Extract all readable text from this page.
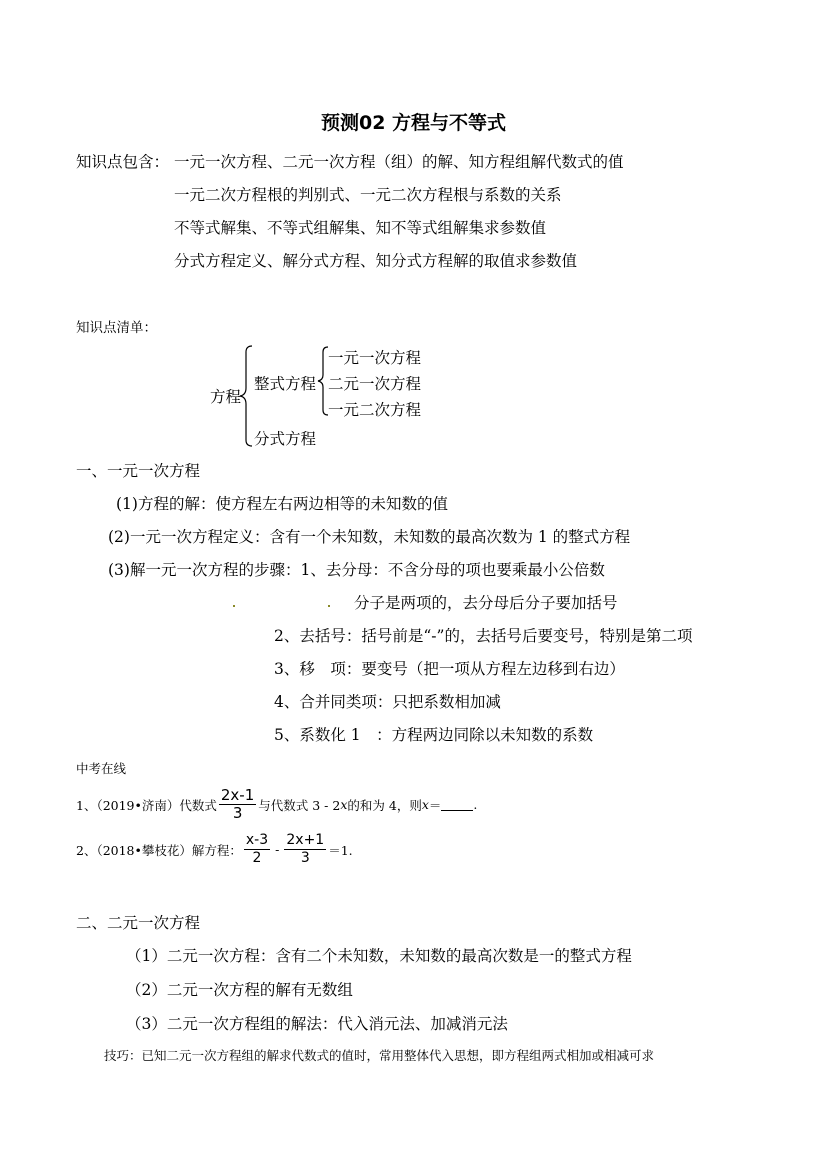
预测02 方程与不等式
知识点包含： 一元一次方程、二元一次方程（组）的解、知方程组解代数式的值
一元二次方程根的判别式、一元二次方程根与系数的关系
不等式解集、不等式组解集、知不等式组解集求参数值
分式方程定义、解分式方程、知分式方程解的取值求参数值
知识点清单：
方程
整式方程
分式方程
一元一次方程
二元一次方程
一元二次方程
一、一元一次方程
(1)方程的解：使方程左右两边相等的未知数的值
(2)一元一次方程定义：含有一个未知数，未知数的最高次数为 1 的整式方程
(3)解一元一次方程的步骤：1、去分母：不含分母的项也要乘最小公倍数
分子是两项的，去分母后分子要加括号
2、去括号：括号前是“-”的，去括号后要变号，特别是第二项
3、移　项：要变号（把一项从方程左边移到右边）
4、合并同类项：只把系数相加减
5、系数化 1　：方程两边同除以未知数的系数
中考在线
1、（2019•济南）代数式 $\frac{2x-1}{3}$ 与代数式 3 - 2 x 的和为 4，则 x ＝	.
2、（2018•攀枝花）解方程： $\frac{x-3}{2} - \frac{2x+1}{3} =1$.
二、二元一次方程
（1）二元一次方程：含有二个未知数，未知数的最高次数是一的整式方程
（2）二元一次方程的解有无数组
（3）二元一次方程组的解法：代入消元法、加减消元法
技巧：已知二元一次方程组的解求代数式的值时，常用整体代入思想，即方程组两式相加或相减可求
